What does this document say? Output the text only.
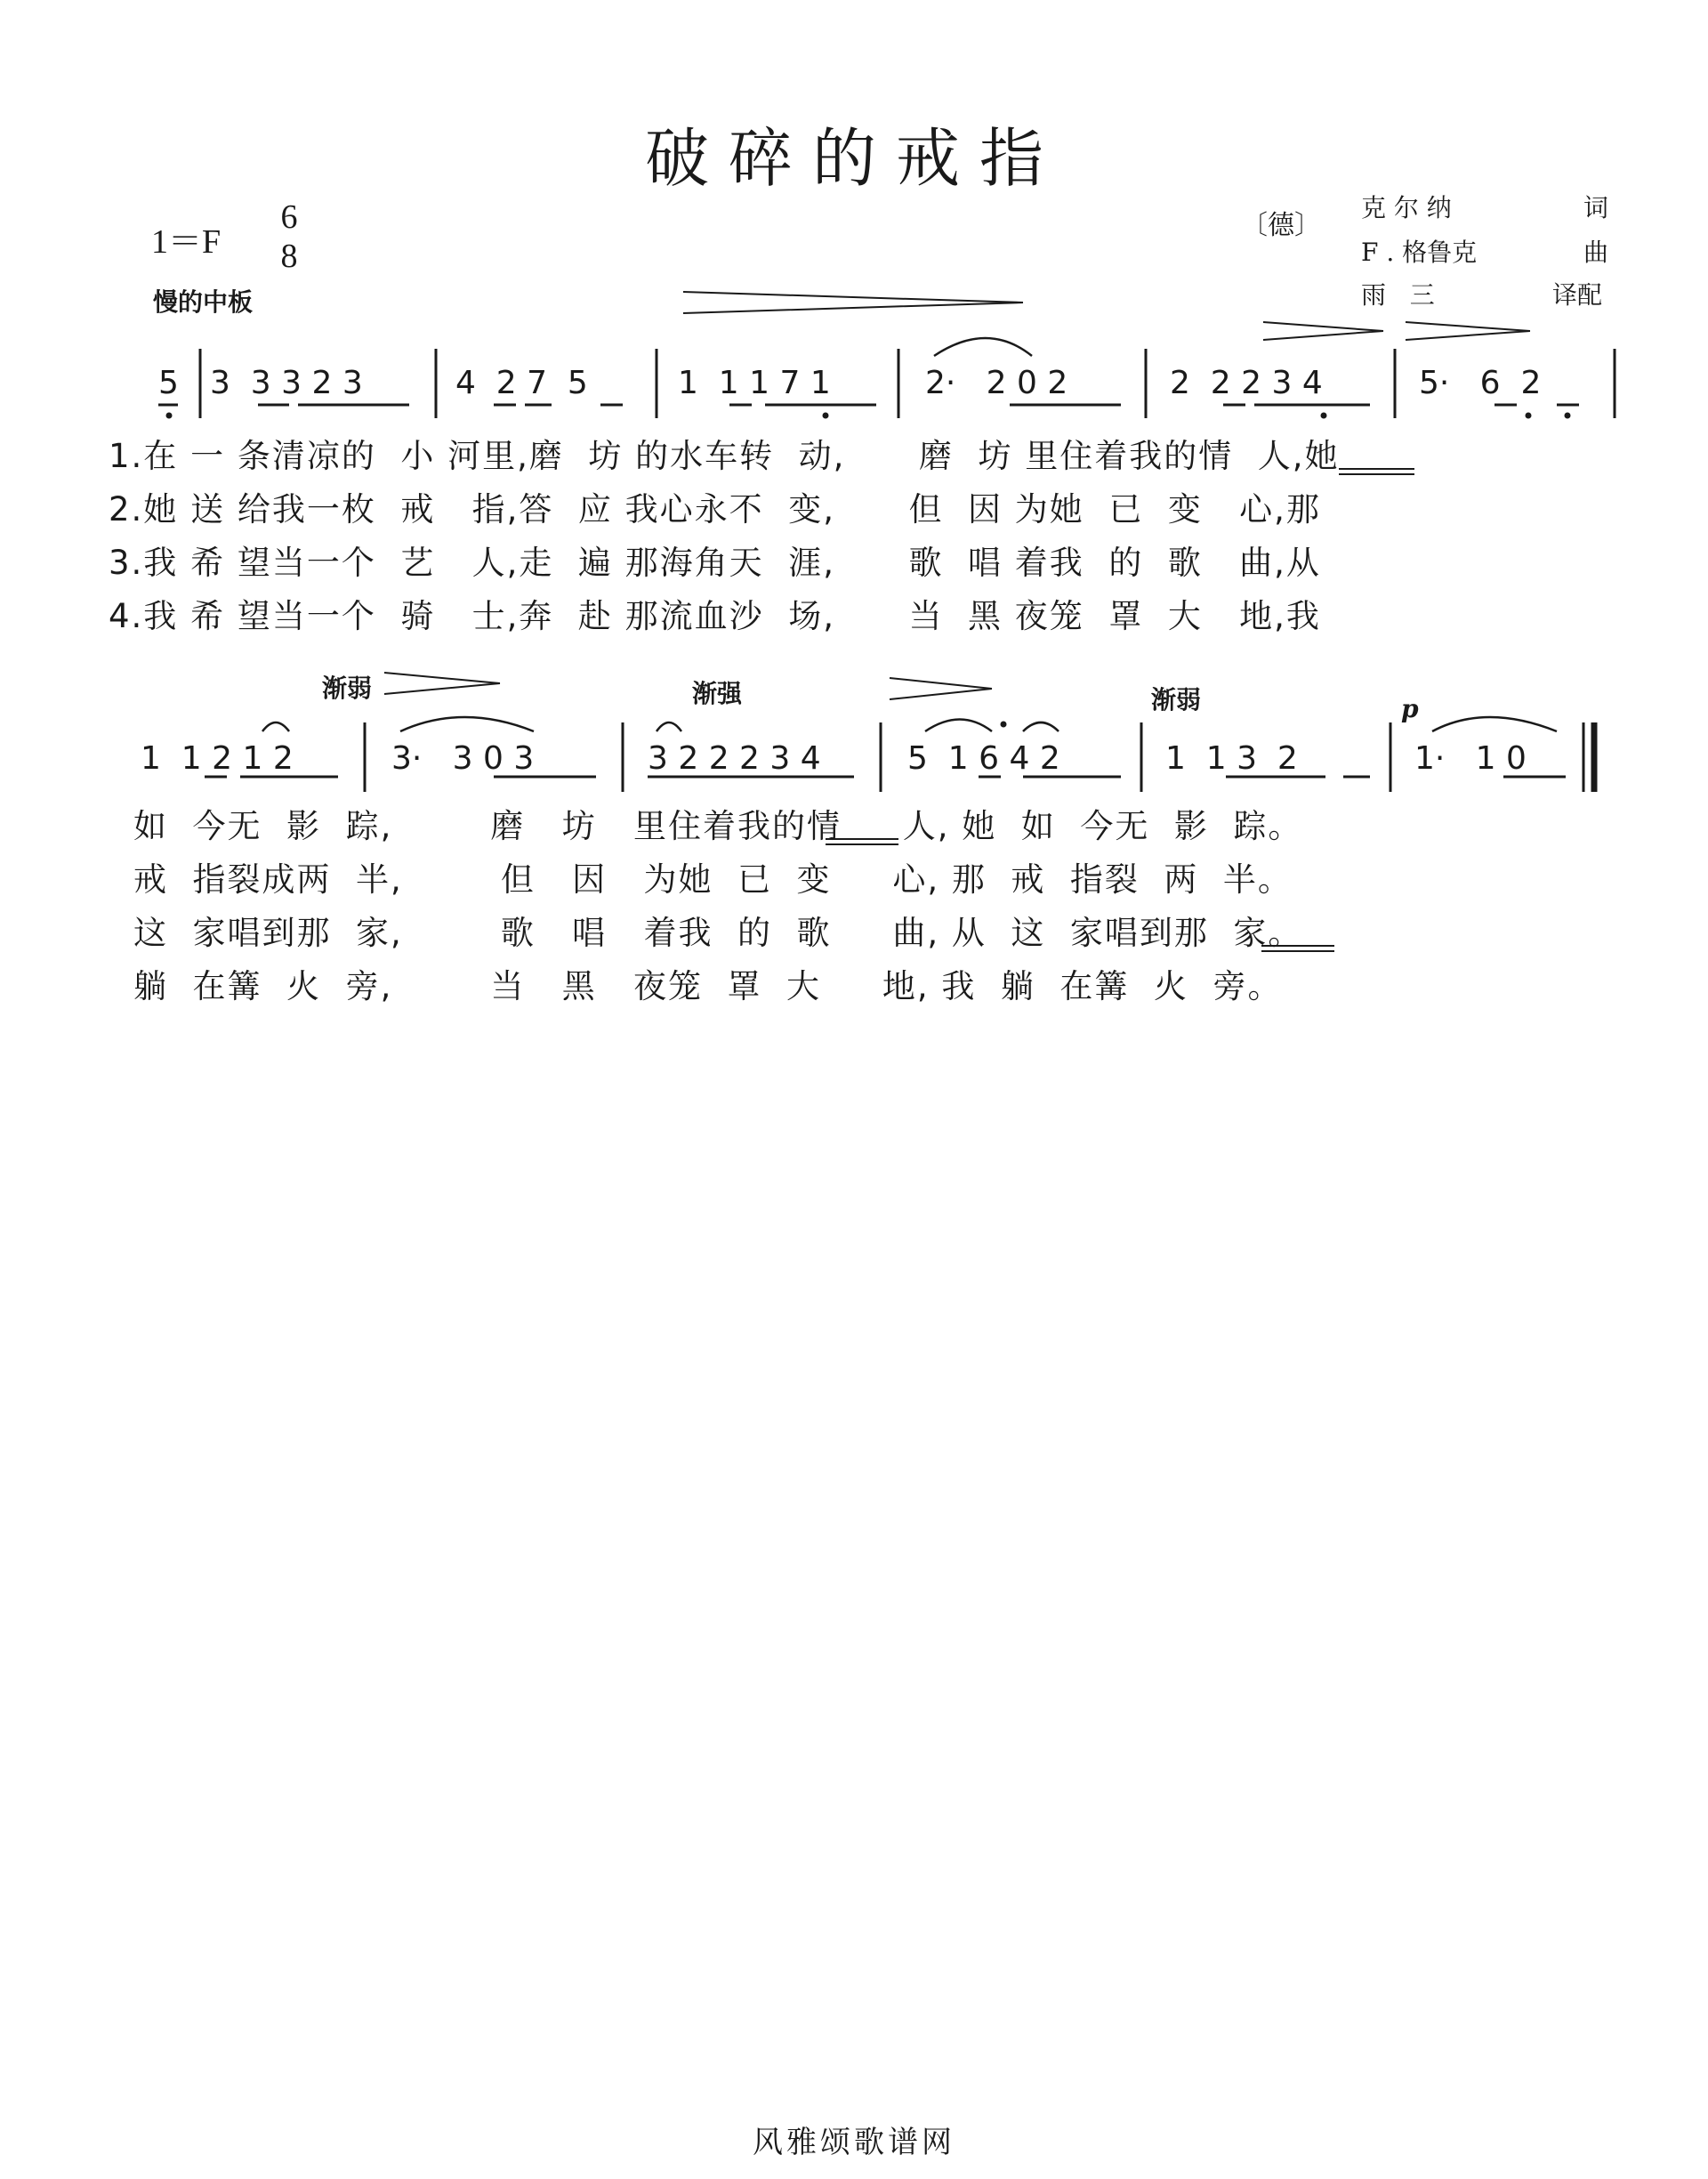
破碎的戒指
1＝F
6
8
慢的中板
〔德〕
克 尔 纳	词
F . 格鲁克	曲
雨   三	译配
5 3  3 3 2 3	4  2 7  5	1  1 1 7 1	2·   2 0 2	2  2 2 3 4	5·   6  2
1.在 一 条清凉的  小 河里,磨  坊 的水车转  动,      磨  坊 里住着我的情  人,她
2.她 送 给我一枚  戒   指,答  应 我心永不  变,      但  因 为她  已  变   心,那
3.我 希 望当一个  艺   人,走  遍 那海角天  涯,      歌  唱 着我  的  歌   曲,从
4.我 希 望当一个  骑   士,奔  赴 那流血沙  场,      当  黑 夜笼  罩  大   地,我
渐弱	渐强	渐弱	p
1  1 2 1 2	3·   3 0 3	3 2 2 2 3 4	5  1 6 4 2	1  1 3  2	1·   1 0
如  今无  影  踪,        磨   坊   里住着我的情     人, 她  如  今无  影  踪。
戒  指裂成两  半,        但   因   为她  已  变     心, 那  戒  指裂  两  半。
这  家唱到那  家,        歌   唱   着我  的  歌     曲, 从  这  家唱到那  家。
躺  在篝  火  旁,        当   黑   夜笼  罩  大     地, 我  躺  在篝  火  旁。
风雅颂歌谱网
